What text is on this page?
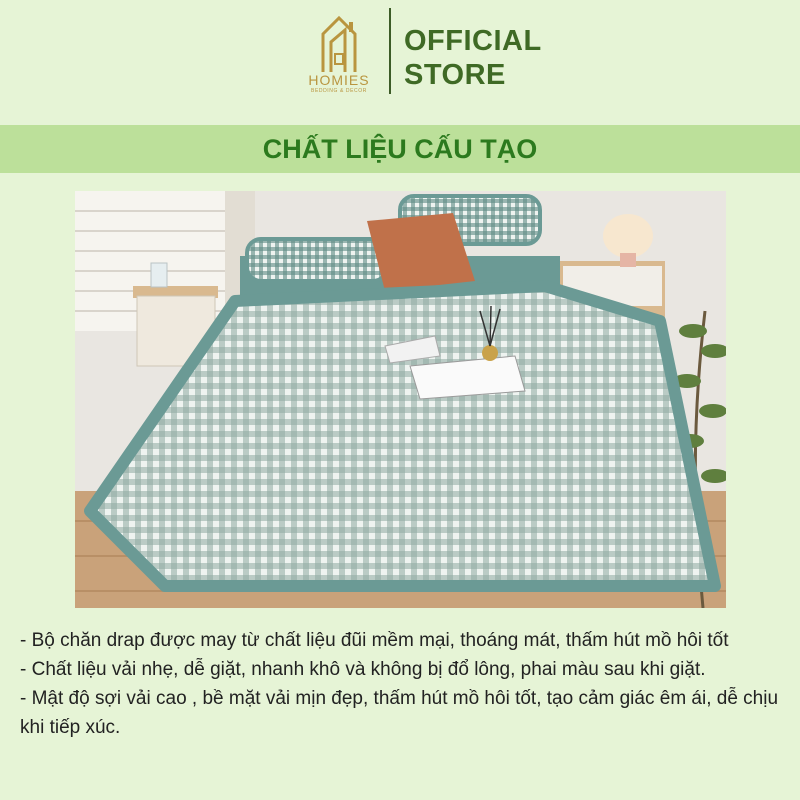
HOMIES
BEDDING & DECOR
OFFICIAL
STORE
CHẤT LIỆU CẤU TẠO

- Bộ chăn drap được may từ chất liệu đũi mềm mại, thoáng mát, thấm hút mồ hôi tốt

- Chất liệu vải nhẹ, dễ giặt, nhanh khô và không bị đổ lông, phai màu sau khi giặt.

- Mật độ sợi vải cao , bề mặt vải mịn đẹp, thấm hút mồ hôi tốt, tạo cảm giác êm ái, dễ chịu khi tiếp xúc.
